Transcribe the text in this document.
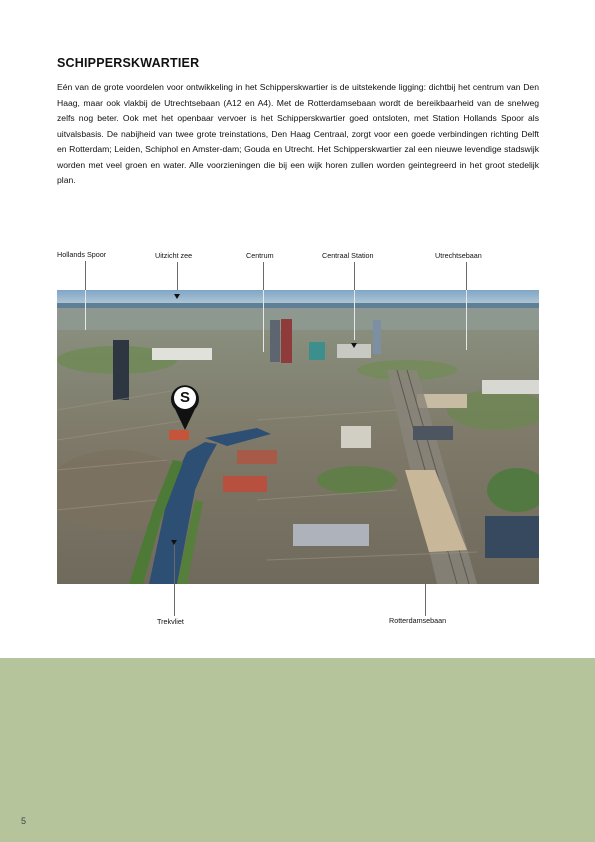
SCHIPPERSKWARTIER

Eén van de grote voordelen voor ontwikkeling in het Schipperskwartier is de uitstekende ligging: dichtbij het centrum van Den Haag, maar ook vlakbij de Utrechtsebaan (A12 en A4). Met de Rotterdamsebaan wordt de bereikbaarheid van de snelweg zelfs nog beter. Ook met het openbaar vervoer is het Schipperskwartier goed ontsloten, met Station Hollands Spoor als uitvalsbasis. De nabijheid van twee grote treinstations, Den Haag Centraal, zorgt voor een goede verbindingen richting Delft en Rotterdam; Leiden, Schiphol en Amster-dam; Gouda en Utrecht. Het Schipperskwartier zal een nieuwe levendige stadswijk worden met veel groen en water. Alle voorzieningen die bij een wijk horen zullen worden geintegreerd in het groot stedelijk plan.

Hollands Spoor	Uitzicht zee	Centrum	Centraal Station	Utrechtsebaan
S
Trekvliet	Rotterdamsebaan
5
